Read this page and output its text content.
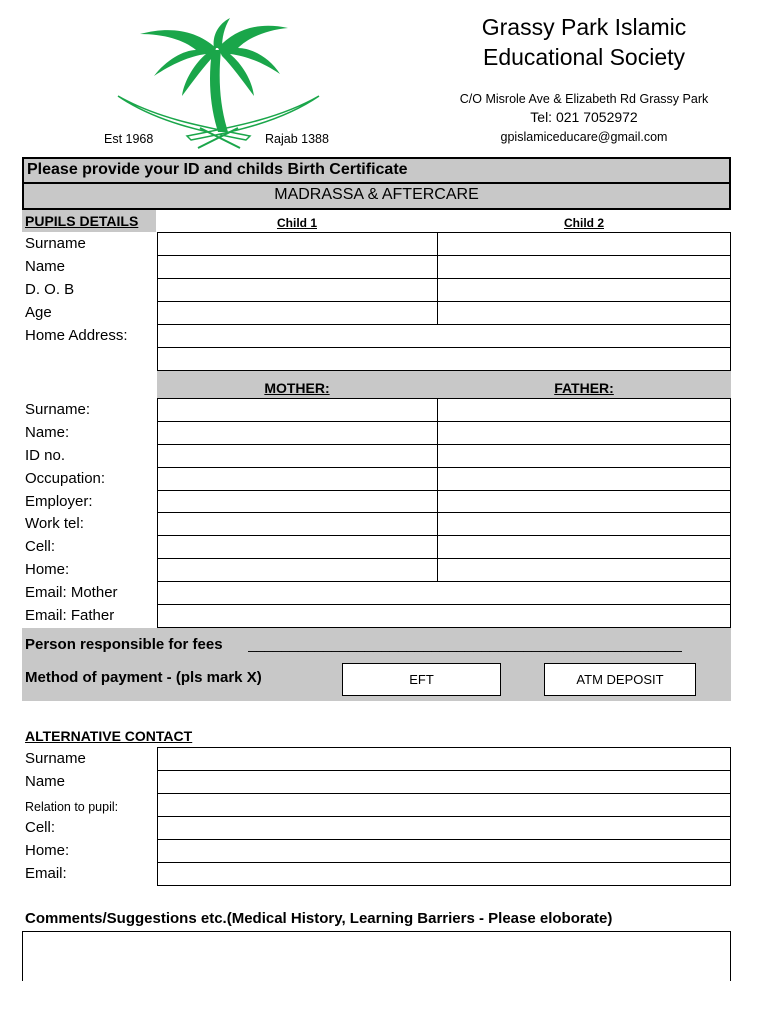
Est 1968	Rajab 1388
Grassy Park Islamic
Educational Society
C/O Misrole Ave & Elizabeth Rd Grassy Park
Tel: 021 7052972
gpislamiceducare@gmail.com
Please provide your ID and childs Birth Certificate
MADRASSA & AFTERCARE
PUPILS DETAILS	Child 1	Child 2
Surname
Name
D. O. B
Age
Home Address:
MOTHER:	FATHER:
Surname:
Name:
ID no.
Occupation:
Employer:
Work tel:
Cell:
Home:
Email: Mother
Email: Father
Person responsible for fees ____________________________________________________
Method of payment - (pls mark X)	EFT	ATM DEPOSIT
ALTERNATIVE CONTACT
Surname
Name
Relation to pupil:
Cell:
Home:
Email:
Comments/Suggestions etc.(Medical History, Learning Barriers - Please eloborate)
